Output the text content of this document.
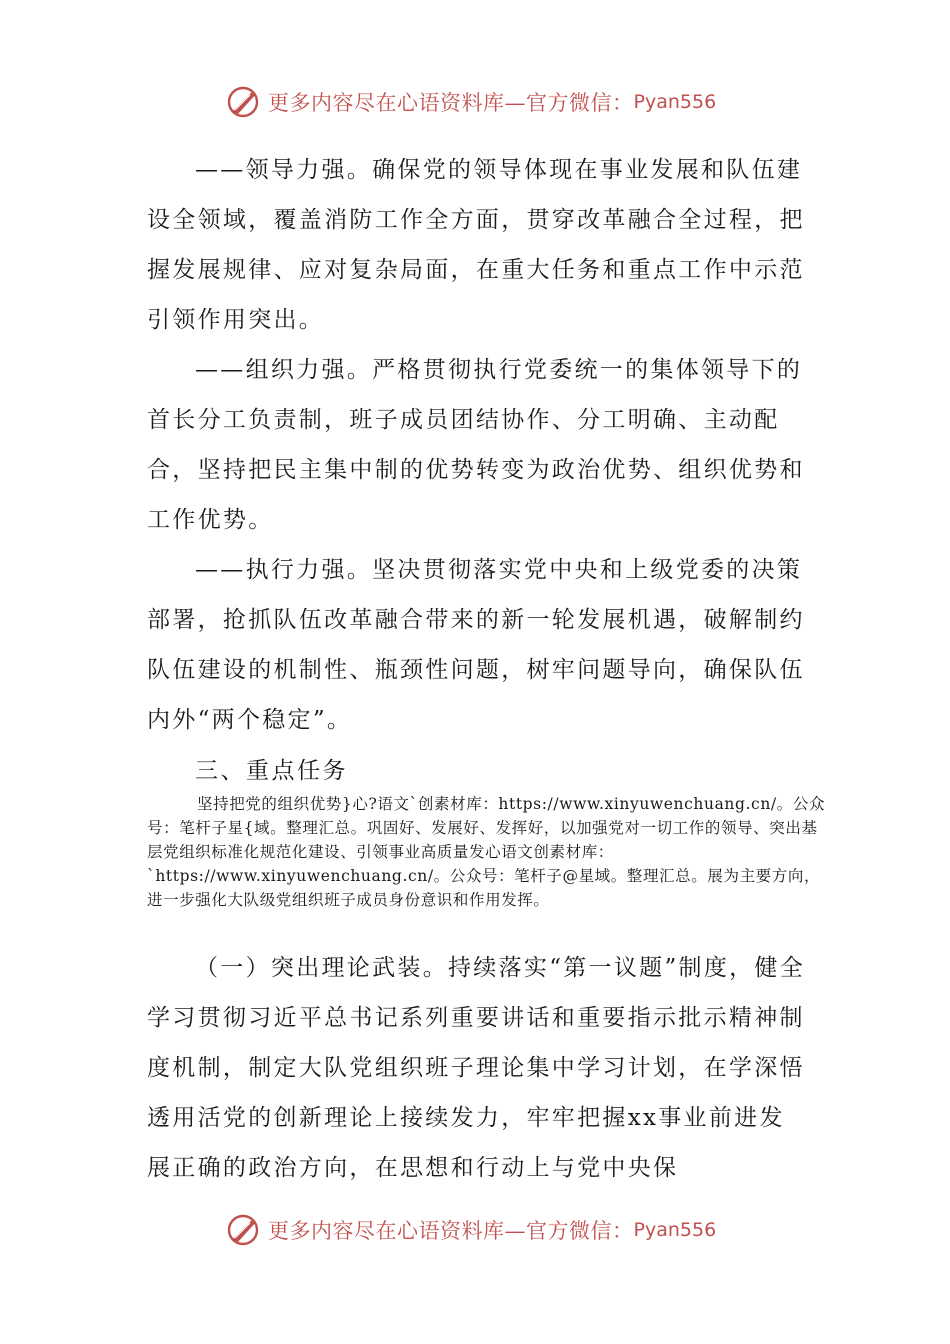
更多内容尽在心语资料库—官方微信： Pyan556

——领导力强。确保党的领导体现在事业发展和队伍建设全领域，覆盖消防工作全方面，贯穿改革融合全过程，把握发展规律、应对复杂局面，在重大任务和重点工作中示范引领作用突出。

——组织力强。严格贯彻执行党委统一的集体领导下的首长分工负责制，班子成员团结协作、分工明确、主动配合，坚持把民主集中制的优势转变为政治优势、组织优势和工作优势。

——执行力强。坚决贯彻落实党中央和上级党委的决策部署，抢抓队伍改革融合带来的新一轮发展机遇，破解制约队伍建设的机制性、瓶颈性问题，树牢问题导向，确保队伍内外“两个稳定”。

三、重点任务

坚持把党的组织优势}心?语文`创素材库：https://www.xinyuwenchuang.cn/。公众号：笔杆子星{域。整理汇总。巩固好、发展好、发挥好，以加强党对一切工作的领导、突出基层党组织标准化规范化建设、引领事业高质量发心语文创素材库：`https://www.xinyuwenchuang.cn/。公众号：笔杆子@星域。整理汇总。展为主要方向，进一步强化大队级党组织班子成员身份意识和作用发挥。

（一）突出理论武装。持续落实“第一议题”制度，健全学习贯彻习近平总书记系列重要讲话和重要指示批示精神制度机制，制定大队党组织班子理论集中学习计划，在学深悟透用活党的创新理论上接续发力，牢牢把握xx事业前进发展正确的政治方向，在思想和行动上与党中央保

更多内容尽在心语资料库—官方微信： Pyan556
